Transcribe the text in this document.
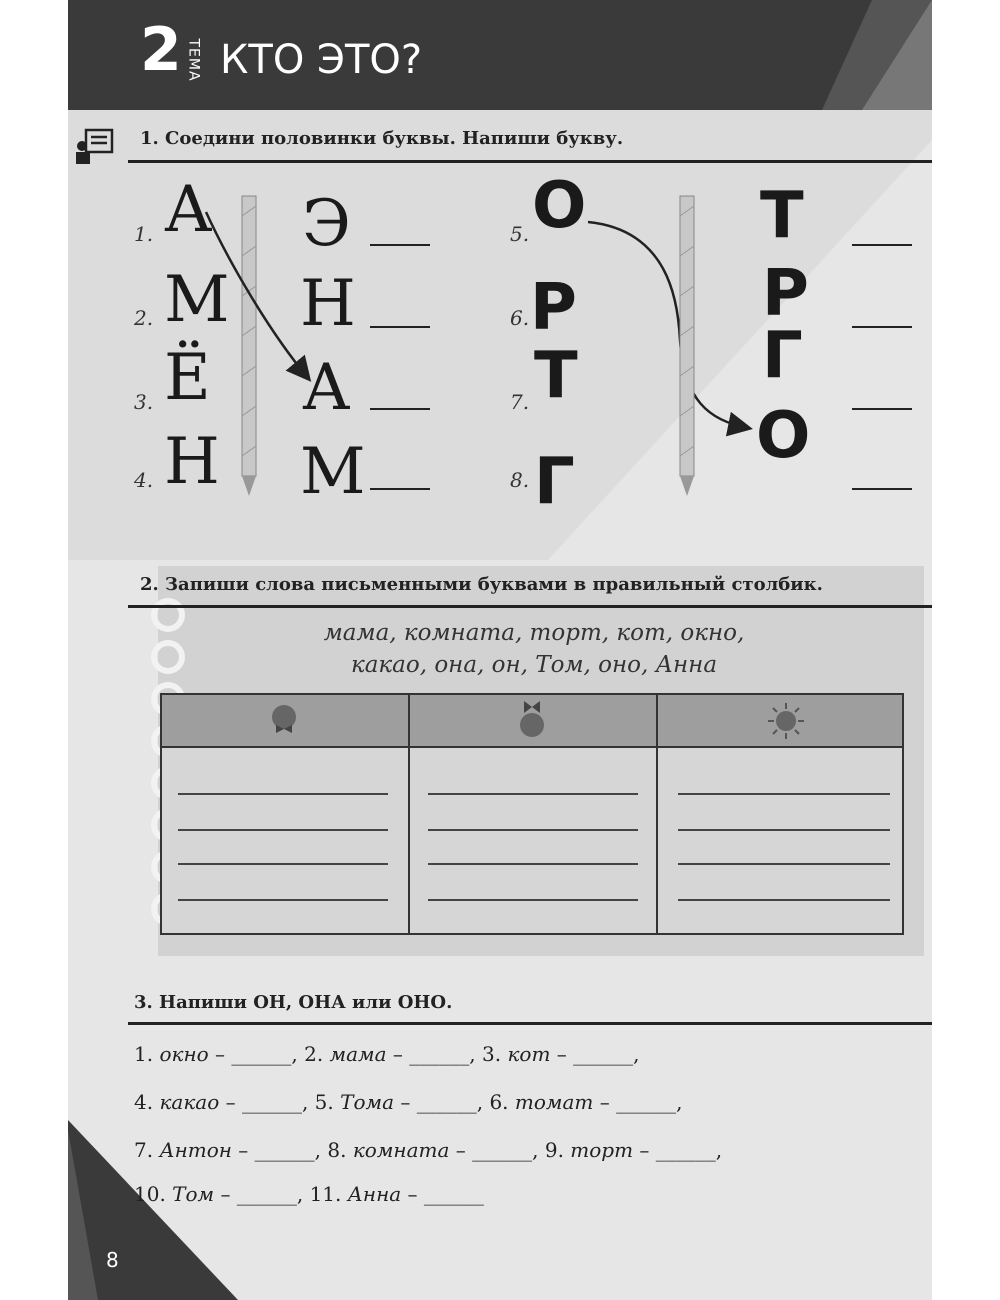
2 ТЕМА КТО ЭТО?
1. Соедини половинки буквы. Напиши букву.
1.
2.
3.
4.
А
М
Ё
Н
Э
Н
А
М
5.
6.
7.
8.
О
Р
Т
Г
Т
Р
Г
О
2. Запиши слова письменными буквами в правильный столбик.
мама, комната, торт, кот, окно,
какао, она, он, Том, оно, Анна
3. Напиши ОН, ОНА или ОНО.
1. окно – ______, 2. мама – ______, 3. кот – ______,
4. какао – ______, 5. Тома – ______, 6. томат – ______,
7. Антон – ______, 8. комната – ______, 9. торт – ______,
10. Том – ______, 11. Анна – ______
8
